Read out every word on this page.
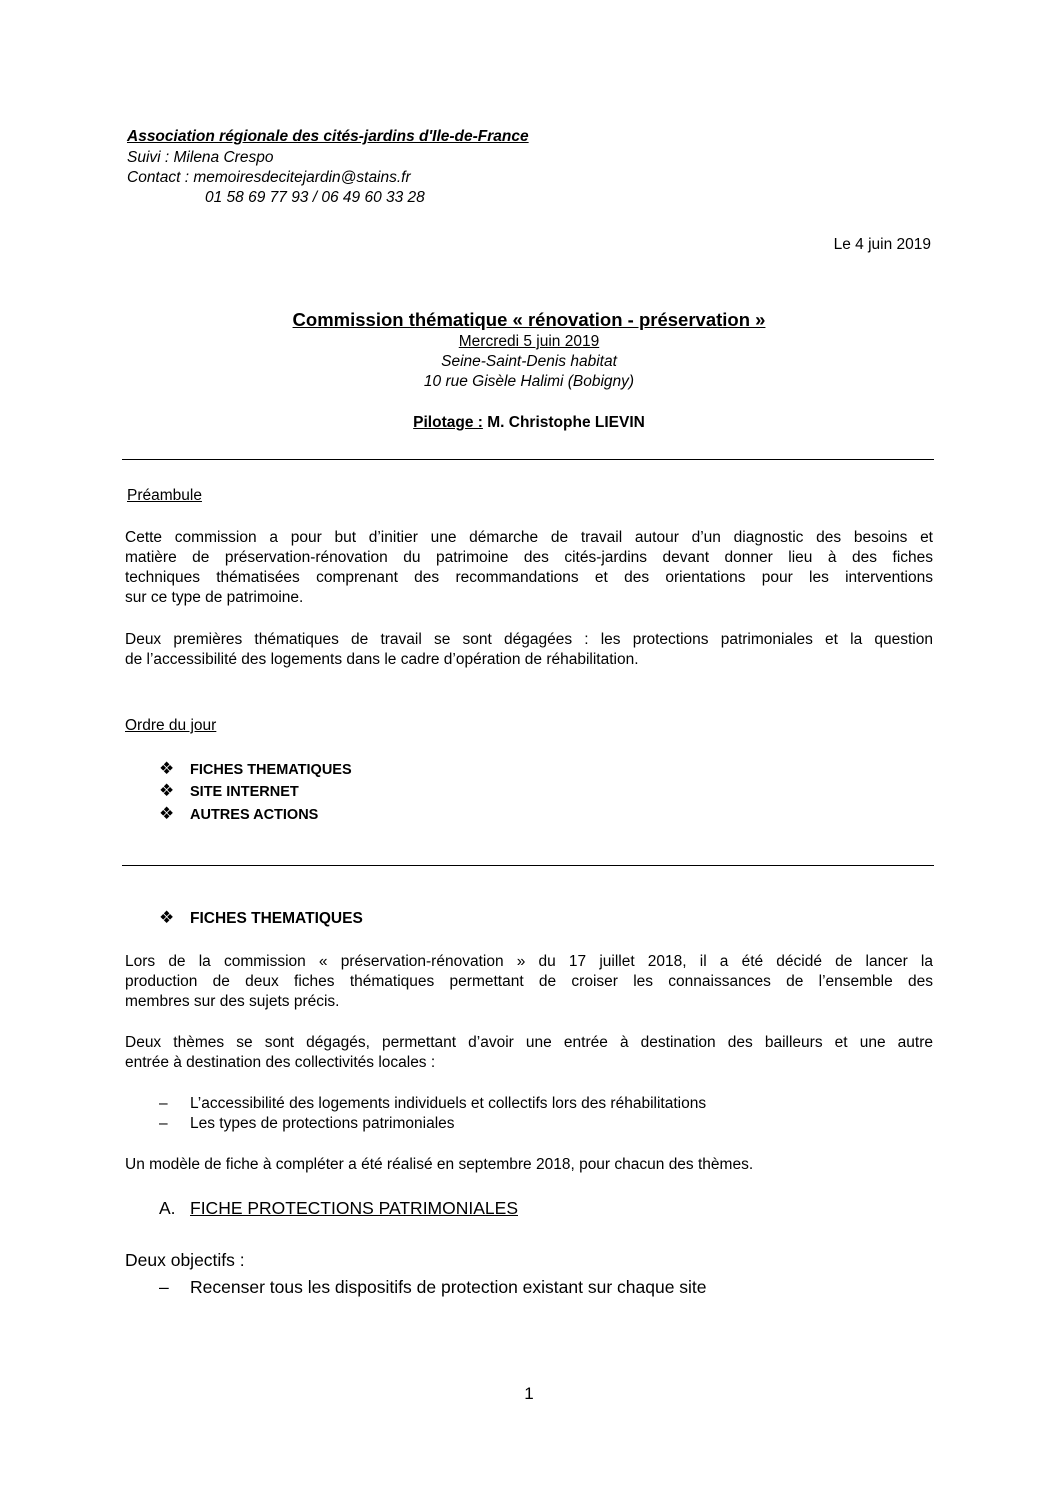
Association régionale des cités-jardins d'Ile-de-France
Suivi : Milena Crespo
Contact : memoiresdecitejardin@stains.fr
01 58 69 77 93 / 06 49 60 33 28
Le 4 juin 2019
Commission thématique « rénovation - préservation »
Mercredi 5 juin 2019
Seine-Saint-Denis habitat
10 rue Gisèle Halimi (Bobigny)
Pilotage : M. Christophe LIEVIN
Préambule
Cette commission a pour but d’initier une démarche de travail autour d’un diagnostic des besoins et
matière de préservation-rénovation du patrimoine des cités-jardins devant donner lieu à des fiches
techniques thématisées comprenant des recommandations et des orientations pour les interventions
sur ce type de patrimoine.
Deux premières thématiques de travail se sont dégagées : les protections patrimoniales et la question
de l’accessibilité des logements dans le cadre d’opération de réhabilitation.
Ordre du jour
❖ FICHES THEMATIQUES
❖ SITE INTERNET
❖ AUTRES ACTIONS
❖ FICHES THEMATIQUES
Lors de la commission « préservation-rénovation » du 17 juillet 2018, il a été décidé de lancer la
production de deux fiches thématiques permettant de croiser les connaissances de l’ensemble des
membres sur des sujets précis.
Deux thèmes se sont dégagés, permettant d’avoir une entrée à destination des bailleurs et une autre
entrée à destination des collectivités locales :
– L’accessibilité des logements individuels et collectifs lors des réhabilitations
– Les types de protections patrimoniales
Un modèle de fiche à compléter a été réalisé en septembre 2018, pour chacun des thèmes.
A. FICHE PROTECTIONS PATRIMONIALES
Deux objectifs :
– Recenser tous les dispositifs de protection existant sur chaque site
1
